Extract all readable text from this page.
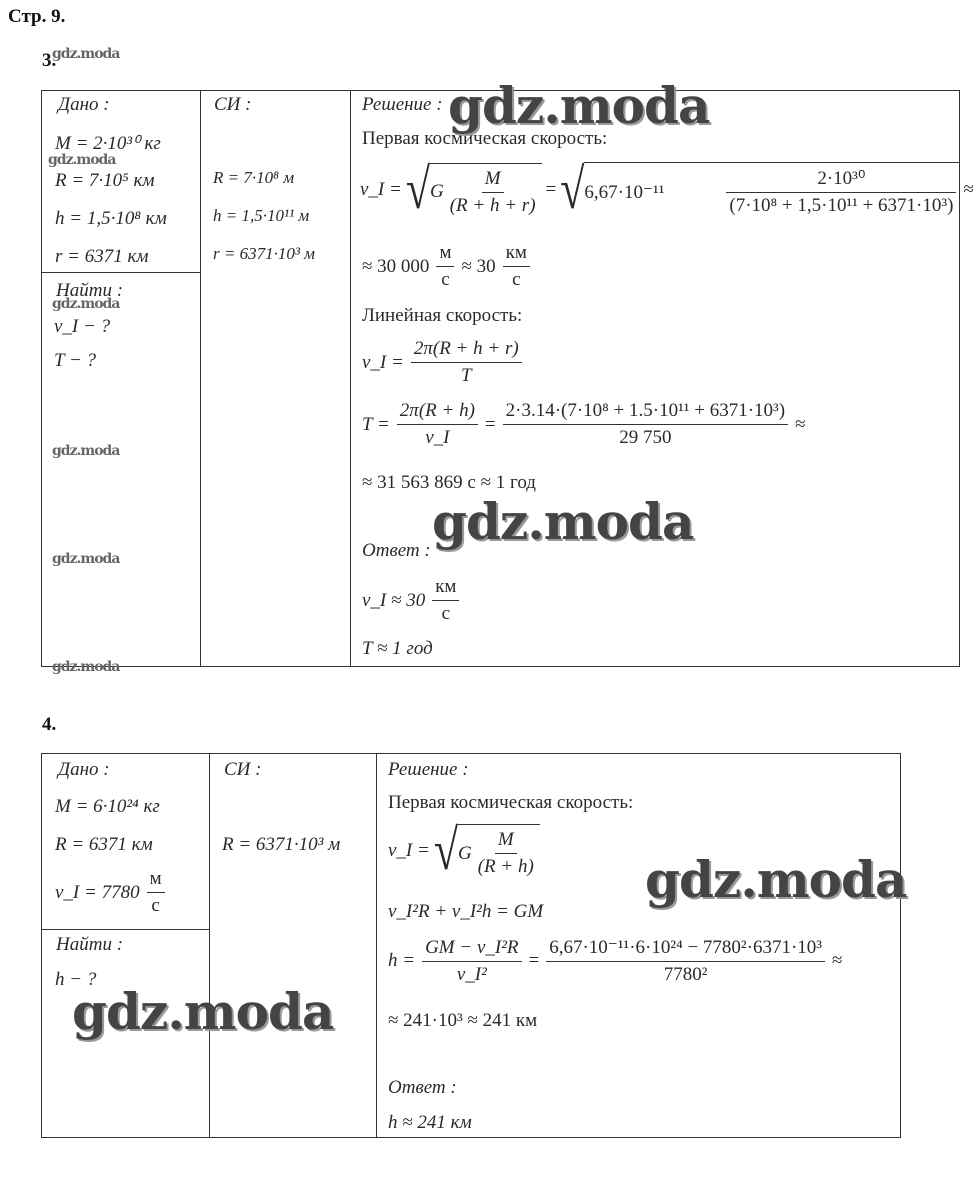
Стр. 9.
3.
Дано :
M = 2·10³⁰ кг
R = 7·10⁵ км
h = 1,5·10⁸ км
r = 6371 км
Найти :
v_I − ?
T − ?
СИ :
R = 7·10⁸ м
h = 1,5·10¹¹ м
r = 6371·10³ м
Решение :
Первая космическая скорость:
v_I = √ G $\frac{M}{(R + h + r)}$ = √ 6,67·10⁻¹¹	$\frac{\text{2·10³⁰}}{\text{(7·10⁸ + 1,5·10¹¹ + 6371·10³)}}$ ≈
≈ 30 000
м
с
≈ 30
км
с
Линейная скорость:
v_I = $\frac{2\pi(R + h + r)}{T}$
$T = \frac{2\pi(R + h)}{v\_I} = \frac{\text{2·3.14·(7·10⁸ + 1.5·10¹¹ + 6371·10³)}}{29 750}$ ≈
≈ 31 563 869 с ≈ 1 год
Ответ :
v_I ≈ 30
км
с
T ≈ 1 год
4.
Дано :
M = 6·10²⁴ кг
R = 6371 км
v_I = 7780
м
с
Найти :
h − ?
СИ :
R = 6371·10³ м
Решение :
Первая космическая скорость:
v_I = √ G $\frac{M}{(R + h)}$
v_I²R + v_I²h = GM
$h = \frac{\text{GM − v\_I²R}}{\text{v\_I²}} = \frac{\text{6,67·10⁻¹¹·6·10²⁴ − 7780²·6371·10³}}{\text{7780²}}$ ≈
≈ 241·10³ ≈ 241 км
Ответ :
h ≈ 241 км
gdz.moda
gdz.moda
gdz.moda
gdz.moda
gdz.moda
gdz.moda
gdz.moda
gdz.moda
gdz.moda
gdz.moda
